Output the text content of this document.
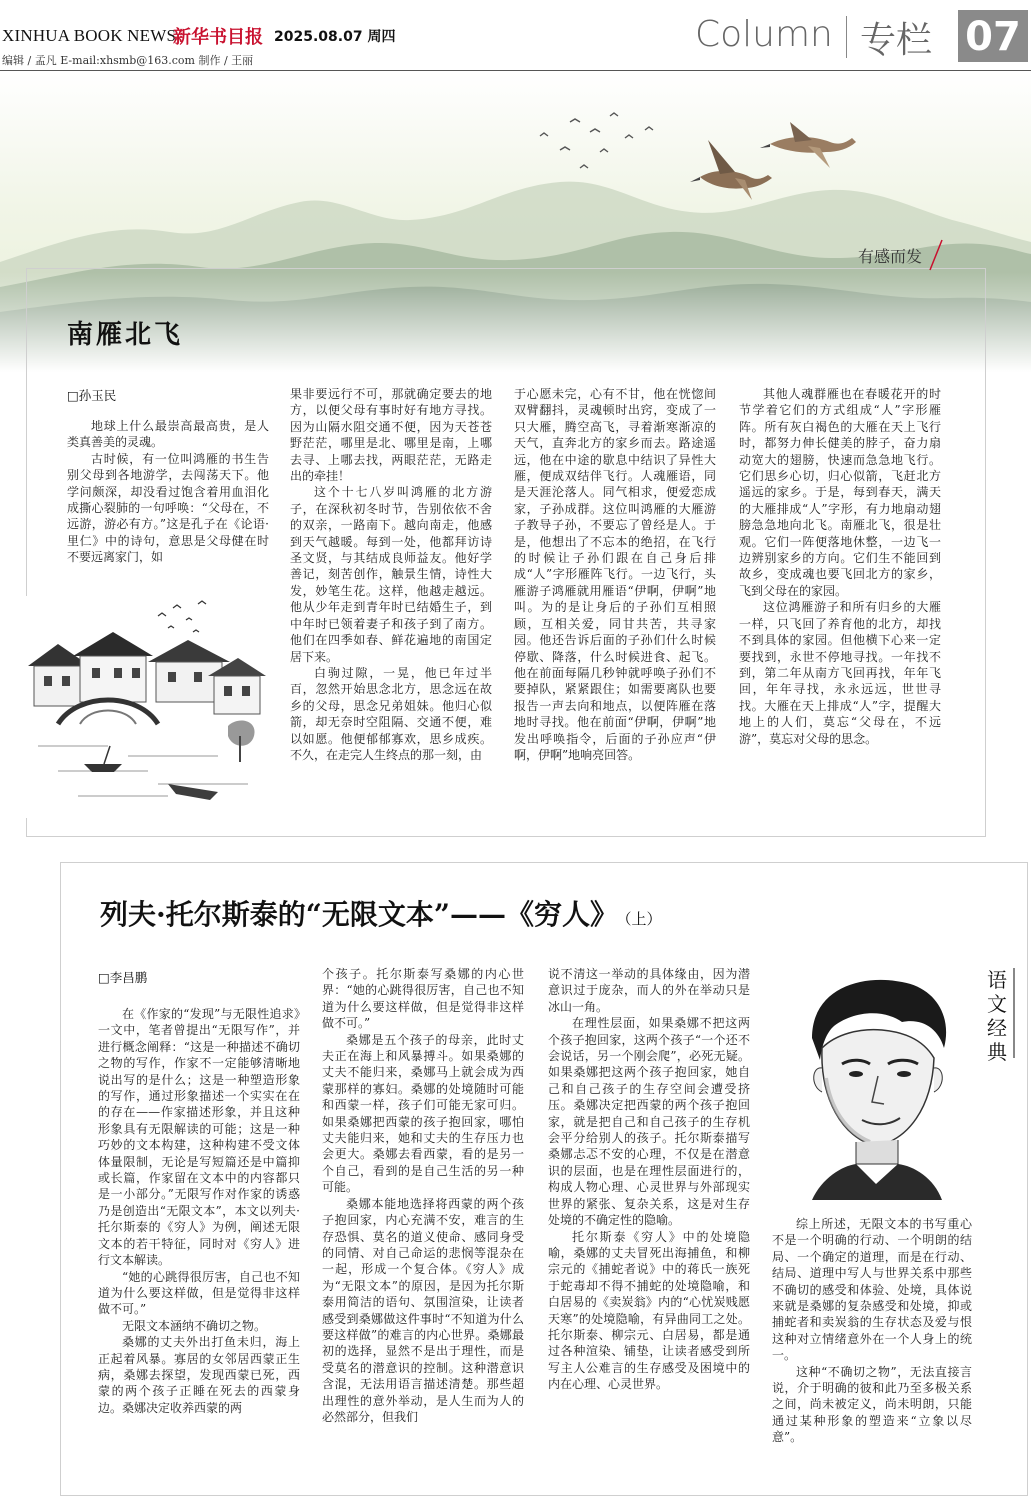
XINHUA BOOK NEWS
新华书目报 2025.08.07 周四
编辑 / 孟凡 E-mail:xhsmb@163.com 制作 / 王丽
Column 专栏 07
有感而发
南雁北飞
□孙玉民

地球上什么最崇高最高贵，是人类真善美的灵魂。

古时候，有一位叫鸿雁的书生告别父母到各地游学，去闯荡天下。他学问颇深，却没看过饱含着用血泪化成撕心裂肺的一句呼唤：“父母在，不远游，游必有方。”这是孔子在《论语·里仁》中的诗句，意思是父母健在时不要远离家门，如

果非要远行不可，那就确定要去的地方，以便父母有事时好有地方寻找。因为山隔水阻交通不便，因为天苍苍野茫茫，哪里是北、哪里是南，上哪去寻、上哪去找，两眼茫茫，无路走出的牵挂！

这个十七八岁叫鸿雁的北方游子，在深秋初冬时节，告别依依不舍的双亲，一路南下。越向南走，他感到天气越暖。每到一处，他都拜访诗圣文贤，与其结成良师益友。他好学善记，刻苦创作，触景生情，诗性大发，妙笔生花。这样，他越走越远。他从少年走到青年时已结婚生子，到中年时已领着妻子和孩子到了南方。他们在四季如春、鲜花遍地的南国定居下来。

白驹过隙，一晃，他已年过半百，忽然开始思念北方，思念远在故乡的父母，思念兄弟姐妹。他归心似箭，却无奈时空阻隔、交通不便，难以如愿。他便郁郁寡欢，思乡成疾。不久，在走完人生终点的那一刻，由

于心愿未完，心有不甘，他在恍惚间双臂翻抖，灵魂顿时出窍，变成了一只大雁，腾空高飞，寻着渐寒渐凉的天气，直奔北方的家乡而去。路途遥远，他在中途的歇息中结识了异性大雁，便成双结伴飞行。人魂雁语，同是天涯沦落人。同气相求，便爱恋成家，子孙成群。这位叫鸿雁的大雁游子教导子孙，不要忘了曾经是人。于是，他想出了不忘本的绝招，在飞行的时候让子孙们跟在自己身后排成“人”字形雁阵飞行。一边飞行，头雁游子鸿雁就用雁语“伊啊，伊啊”地叫。为的是让身后的子孙们互相照顾，互相关爱，同甘共苦，共寻家园。他还告诉后面的子孙们什么时候停歇、降落，什么时候进食、起飞。他在前面每隔几秒钟就呼唤子孙们不要掉队，紧紧跟住；如需要离队也要报告一声去向和地点，以便阵雁在落地时寻找。他在前面“伊啊，伊啊”地发出呼唤指令，后面的子孙应声“伊啊，伊啊”地响亮回答。

其他人魂群雁也在春暖花开的时节学着它们的方式组成“人”字形雁阵。所有灰白褐色的大雁在天上飞行时，都努力伸长健美的脖子，奋力扇动宽大的翅膀，快速而急急地飞行。它们思乡心切，归心似箭，飞赶北方遥远的家乡。于是，每到春天，满天的大雁排成“人”字形，有力地扇动翅膀急急地向北飞。南雁北飞，很是壮观。它们一阵便落地休整，一边飞一边辨别家乡的方向。它们生不能回到故乡，变成魂也要飞回北方的家乡，飞到父母在的家园。

这位鸿雁游子和所有归乡的大雁一样，只飞回了养育他的北方，却找不到具体的家园。但他横下心来一定要找到，永世不停地寻找。一年找不到，第二年从南方飞回再找，年年飞回，年年寻找，永永远远，世世寻找。大雁在天上排成“人”字，提醒大地上的人们，莫忘“父母在，不远游”，莫忘对父母的思念。

列夫·托尔斯泰的“无限文本”——《穷人》 （上）
□李昌鹏	语文经典

在《作家的“发现”与无限性追求》一文中，笔者曾提出“无限写作”，并进行概念阐释：“这是一种描述不确切之物的写作，作家不一定能够清晰地说出写的是什么；这是一种塑造形象的写作，通过形象描述一个实实在在的存在——作家描述形象，并且这种形象具有无限解读的可能；这是一种巧妙的文本构建，这种构建不受文体体量限制，无论是写短篇还是中篇抑或长篇，作家留在文本中的内容都只是一小部分。”无限写作对作家的诱惑乃是创造出“无限文本”，本文以列夫·托尔斯泰的《穷人》为例，阐述无限文本的若干特征，同时对《穷人》进行文本解读。

“她的心跳得很厉害，自己也不知道为什么要这样做，但是觉得非这样做不可。”

无限文本涵纳不确切之物。

桑娜的丈夫外出打鱼未归，海上正起着风暴。寡居的女邻居西蒙正生病，桑娜去探望，发现西蒙已死，西蒙的两个孩子正睡在死去的西蒙身边。桑娜决定收养西蒙的两

个孩子。托尔斯泰写桑娜的内心世界：“她的心跳得很厉害，自己也不知道为什么要这样做，但是觉得非这样做不可。”

桑娜是五个孩子的母亲，此时丈夫正在海上和风暴搏斗。如果桑娜的丈夫不能归来，桑娜马上就会成为西蒙那样的寡妇。桑娜的处境随时可能和西蒙一样，孩子们可能无家可归。如果桑娜把西蒙的孩子抱回家，哪怕丈夫能归来，她和丈夫的生存压力也会更大。桑娜去看西蒙，看的是另一个自己，看到的是自己生活的另一种可能。

桑娜本能地选择将西蒙的两个孩子抱回家，内心充满不安，难言的生存恐惧、莫名的道义使命、感同身受的同情、对自己命运的悲悯等混杂在一起，形成一个复合体。《穷人》成为“无限文本”的原因，是因为托尔斯泰用简洁的语句、氛围渲染，让读者感受到桑娜做这件事时“不知道为什么要这样做”的难言的内心世界。桑娜最初的选择，显然不是出于理性，而是受莫名的潜意识的控制。这种潜意识含混，无法用语言描述清楚。那些超出理性的意外举动，是人生而为人的必然部分，但我们

说不清这一举动的具体缘由，因为潜意识过于庞杂，而人的外在举动只是冰山一角。

在理性层面，如果桑娜不把这两个孩子抱回家，这两个孩子“一个还不会说话，另一个刚会爬”，必死无疑。如果桑娜把这两个孩子抱回家，她自己和自己孩子的生存空间会遭受挤压。桑娜决定把西蒙的两个孩子抱回家，就是把自己和自己孩子的生存机会平分给别人的孩子。托尔斯泰描写桑娜忐忑不安的心理，不仅是在潜意识的层面，也是在理性层面进行的，构成人物心理、心灵世界与外部现实世界的紧张、复杂关系，这是对生存处境的不确定性的隐喻。

托尔斯泰《穷人》中的处境隐喻，桑娜的丈夫冒死出海捕鱼，和柳宗元的《捕蛇者说》中的蒋氏一族死于蛇毒却不得不捕蛇的处境隐喻，和白居易的《卖炭翁》内的“心忧炭贱愿天寒”的处境隐喻，有异曲同工之处。托尔斯泰、柳宗元、白居易，都是通过各种渲染、铺垫，让读者感受到所写主人公难言的生存感受及困境中的内在心理、心灵世界。

综上所述，无限文本的书写重心不是一个明确的行动、一个明朗的结局、一个确定的道理，而是在行动、结局、道理中写人与世界关系中那些不确切的感受和体验、处境，具体说来就是桑娜的复杂感受和处境，抑或捕蛇者和卖炭翁的生存状态及爱与恨这种对立情绪意外在一个人身上的统一。

这种“不确切之物”，无法直接言说，介于明确的彼和此乃至多极关系之间，尚未被定义，尚未明朗，只能通过某种形象的塑造来“立象以尽意”。
